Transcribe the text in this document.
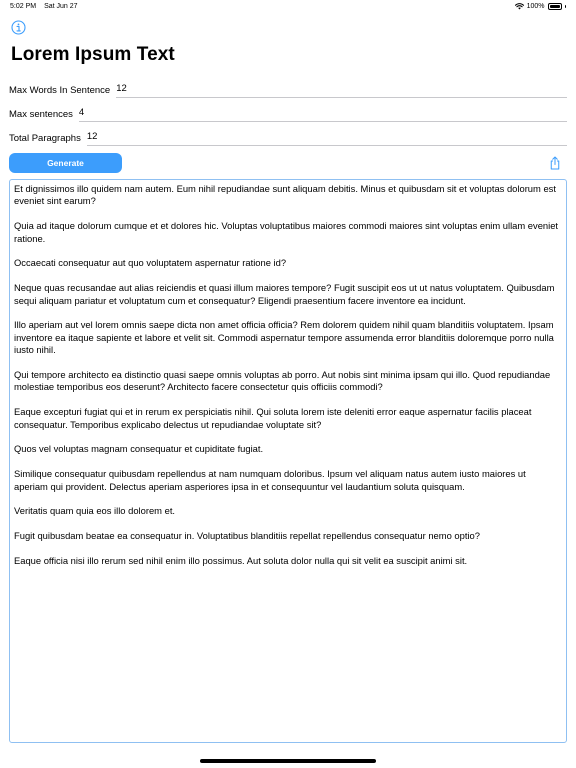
5:02 PM Sat Jun 27	100%
Lorem Ipsum Text
Max Words In Sentence
12
Max sentences
4
Total Paragraphs
12
Generate

Et dignissimos illo quidem nam autem. Eum nihil repudiandae sunt aliquam debitis. Minus et quibusdam sit et voluptas dolorum est eveniet sint earum?

Quia ad itaque dolorum cumque et et dolores hic. Voluptas voluptatibus maiores commodi maiores sint voluptas enim ullam eveniet ratione.

Occaecati consequatur aut quo voluptatem aspernatur ratione id?

Neque quas recusandae aut alias reiciendis et quasi illum maiores tempore? Fugit suscipit eos ut ut natus voluptatem. Quibusdam sequi aliquam pariatur et voluptatum cum et consequatur? Eligendi praesentium facere inventore ea incidunt.

Illo aperiam aut vel lorem omnis saepe dicta non amet officia officia? Rem dolorem quidem nihil quam blanditiis voluptatem. Ipsam inventore ea itaque sapiente et labore et velit sit. Commodi aspernatur tempore assumenda error blanditiis doloremque porro nulla iusto nihil.

Qui tempore architecto ea distinctio quasi saepe omnis voluptas ab porro. Aut nobis sint minima ipsam qui illo. Quod repudiandae molestiae temporibus eos deserunt? Architecto facere consectetur quis officiis commodi?

Eaque excepturi fugiat qui et in rerum ex perspiciatis nihil. Qui soluta lorem iste deleniti error eaque aspernatur facilis placeat consequatur. Temporibus explicabo delectus ut repudiandae voluptate sit?

Quos vel voluptas magnam consequatur et cupiditate fugiat.

Similique consequatur quibusdam repellendus at nam numquam doloribus. Ipsum vel aliquam natus autem iusto maiores ut aperiam qui provident. Delectus aperiam asperiores ipsa in et consequuntur vel laudantium soluta quisquam.

Veritatis quam quia eos illo dolorem et.

Fugit quibusdam beatae ea consequatur in. Voluptatibus blanditiis repellat repellendus consequatur nemo optio?

Eaque officia nisi illo rerum sed nihil enim illo possimus. Aut soluta dolor nulla qui sit velit ea suscipit animi sit.
